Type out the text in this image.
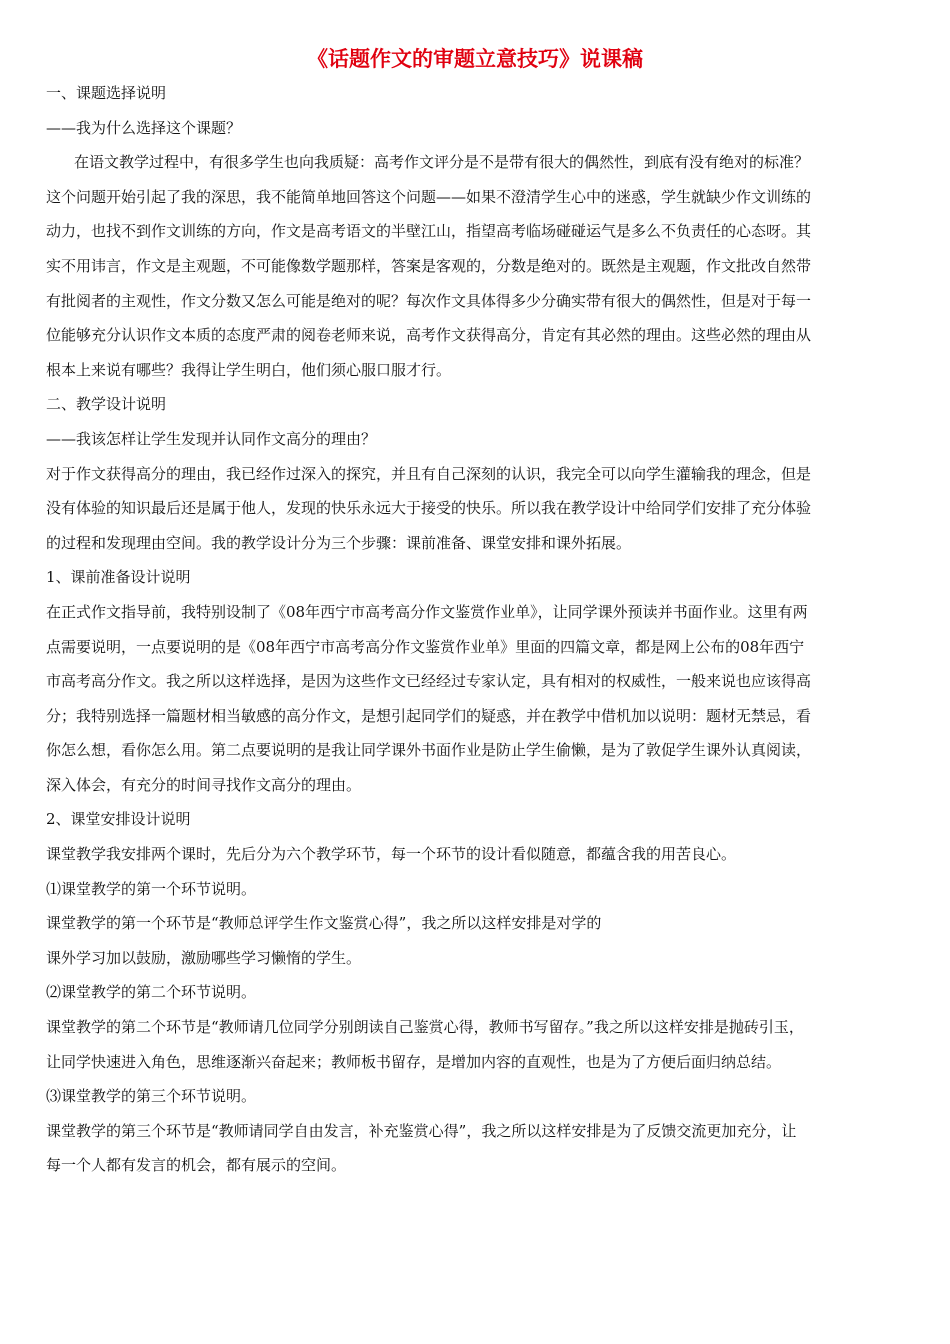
《话题作文的审题立意技巧》说课稿

一、课题选择说明

——我为什么选择这个课题？

在语文教学过程中，有很多学生也向我质疑：高考作文评分是不是带有很大的偶然性，到底有没有绝对的标准？

这个问题开始引起了我的深思，我不能简单地回答这个问题——如果不澄清学生心中的迷惑，学生就缺少作文训练的

动力，也找不到作文训练的方向，作文是高考语文的半壁江山，指望高考临场碰碰运气是多么不负责任的心态呀。其

实不用讳言，作文是主观题，不可能像数学题那样，答案是客观的，分数是绝对的。既然是主观题，作文批改自然带

有批阅者的主观性，作文分数又怎么可能是绝对的呢？每次作文具体得多少分确实带有很大的偶然性，但是对于每一

位能够充分认识作文本质的态度严肃的阅卷老师来说，高考作文获得高分，肯定有其必然的理由。这些必然的理由从

根本上来说有哪些？我得让学生明白，他们须心服口服才行。

二、教学设计说明

——我该怎样让学生发现并认同作文高分的理由？

对于作文获得高分的理由，我已经作过深入的探究，并且有自己深刻的认识，我完全可以向学生灌输我的理念，但是

没有体验的知识最后还是属于他人，发现的快乐永远大于接受的快乐。所以我在教学设计中给同学们安排了充分体验

的过程和发现理由空间。我的教学设计分为三个步骤：课前准备、课堂安排和课外拓展。

1、课前准备设计说明

在正式作文指导前，我特别设制了《08年西宁市高考高分作文鉴赏作业单》，让同学课外预读并书面作业。这里有两

点需要说明，一点要说明的是《08年西宁市高考高分作文鉴赏作业单》里面的四篇文章，都是网上公布的08年西宁

市高考高分作文。我之所以这样选择，是因为这些作文已经经过专家认定，具有相对的权威性，一般来说也应该得高

分；我特别选择一篇题材相当敏感的高分作文，是想引起同学们的疑惑，并在教学中借机加以说明：题材无禁忌，看

你怎么想，看你怎么用。第二点要说明的是我让同学课外书面作业是防止学生偷懒，是为了敦促学生课外认真阅读，

深入体会，有充分的时间寻找作文高分的理由。

2、课堂安排设计说明

课堂教学我安排两个课时，先后分为六个教学环节，每一个环节的设计看似随意，都蕴含我的用苦良心。

⑴课堂教学的第一个环节说明。

课堂教学的第一个环节是“教师总评学生作文鉴赏心得”，我之所以这样安排是对学的

课外学习加以鼓励，激励哪些学习懒惰的学生。

⑵课堂教学的第二个环节说明。

课堂教学的第二个环节是“教师请几位同学分别朗读自己鉴赏心得，教师书写留存。”我之所以这样安排是抛砖引玉，

让同学快速进入角色，思维逐渐兴奋起来；教师板书留存，是增加内容的直观性，也是为了方便后面归纳总结。

⑶课堂教学的第三个环节说明。

课堂教学的第三个环节是“教师请同学自由发言，补充鉴赏心得”，我之所以这样安排是为了反馈交流更加充分，让

每一个人都有发言的机会，都有展示的空间。
